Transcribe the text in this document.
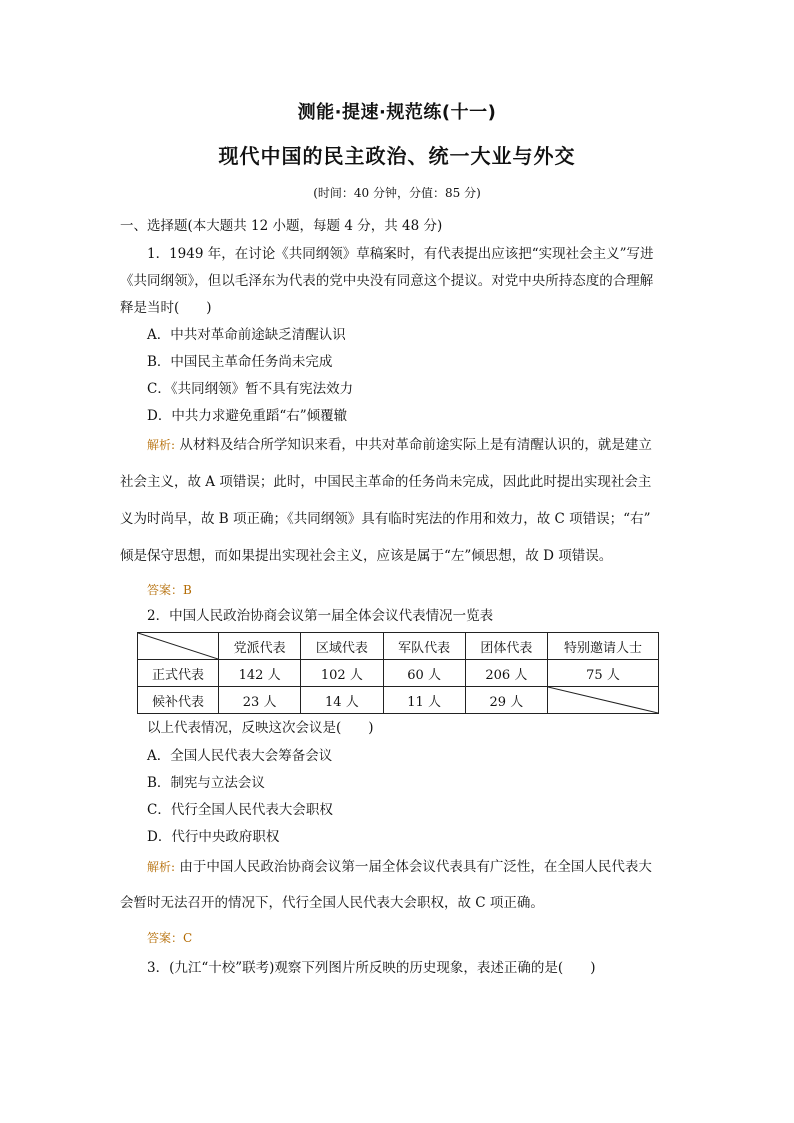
测能·提速·规范练(十一)
现代中国的民主政治、统一大业与外交
(时间：40 分钟，分值：85 分)
一、选择题(本大题共 12 小题，每题 4 分，共 48 分)
1．1949 年，在讨论《共同纲领》草稿案时，有代表提出应该把“实现社会主义”写进
《共同纲领》，但以毛泽东为代表的党中央没有同意这个提议。对党中央所持态度的合理解
释是当时(　　)
A．中共对革命前途缺乏清醒认识
B．中国民主革命任务尚未完成
C．《共同纲领》暂不具有宪法效力
D．中共力求避免重蹈“右”倾覆辙
解析: 从材料及结合所学知识来看，中共对革命前途实际上是有清醒认识的，就是建立
社会主义，故 A 项错误；此时，中国民主革命的任务尚未完成，因此此时提出实现社会主
义为时尚早，故 B 项正确；《共同纲领》具有临时宪法的作用和效力，故 C 项错误；“右”
倾是保守思想，而如果提出实现社会主义，应该是属于“左”倾思想，故 D 项错误。
答案：B
2．中国人民政治协商会议第一届全体会议代表情况一览表
	党派代表	区域代表	军队代表	团体代表	特别邀请人士
正式代表	142 人	102 人	60 人	206 人	75 人
候补代表	23 人	14 人	11 人	29 人	
以上代表情况，反映这次会议是(　　)
A．全国人民代表大会筹备会议
B．制宪与立法会议
C．代行全国人民代表大会职权
D．代行中央政府职权
解析: 由于中国人民政治协商会议第一届全体会议代表具有广泛性，在全国人民代表大
会暂时无法召开的情况下，代行全国人民代表大会职权，故 C 项正确。
答案：C
3．(九江“十校”联考)观察下列图片所反映的历史现象，表述正确的是(　　)
